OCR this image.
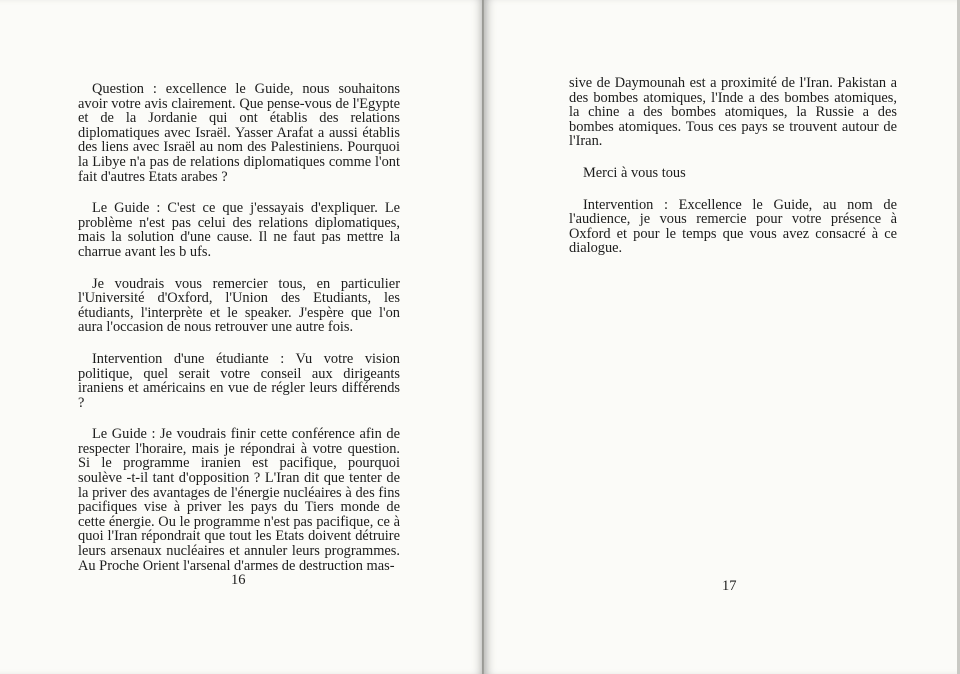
Question : excellence le Guide, nous souhaitons avoir votre avis clairement. Que pense-vous de l'Egypte et de la Jordanie qui ont établis des relations diplomatiques avec Israël. Yasser Arafat a aussi établis des liens avec Israël au nom des Palestiniens. Pourquoi la Libye n'a pas de relations diplomatiques comme l'ont fait d'autres Etats arabes ?

Le Guide : C'est ce que j'essayais d'expliquer. Le problème n'est pas celui des relations diplomatiques, mais la solution d'une cause. Il ne faut pas mettre la charrue avant les b ufs.

Je voudrais vous remercier tous, en particulier l'Université d'Oxford, l'Union des Etudiants, les étudiants, l'interprète et le speaker. J'espère que l'on aura l'occasion de nous retrouver une autre fois.

Intervention d'une étudiante : Vu votre vision politique, quel serait votre conseil aux dirigeants iraniens et américains en vue de régler leurs différends ?

Le Guide : Je voudrais finir cette conférence afin de respecter l'horaire, mais je répondrai à votre question. Si le programme iranien est pacifique, pourquoi soulève -t-il tant d'opposition ? L'Iran dit que tenter de la priver des avantages de l'énergie nucléaires à des fins pacifiques vise à priver les pays du Tiers monde de cette énergie. Ou le programme n'est pas pacifique, ce à quoi l'Iran répondrait que tout les Etats doivent détruire leurs arsenaux nucléaires et annuler leurs programmes. Au Proche Orient l'arsenal d'armes de destruction mas-

16

sive de Daymounah est a proximité de l'Iran. Pakistan a des bombes atomiques, l'Inde a des bombes atomiques, la chine a des bombes atomiques, la Russie a des bombes atomiques. Tous ces pays se trouvent autour de l'Iran.

Merci à vous tous

Intervention : Excellence le Guide, au nom de l'audience, je vous remercie pour votre présence à Oxford et pour le temps que vous avez consacré à ce dialogue.

17
